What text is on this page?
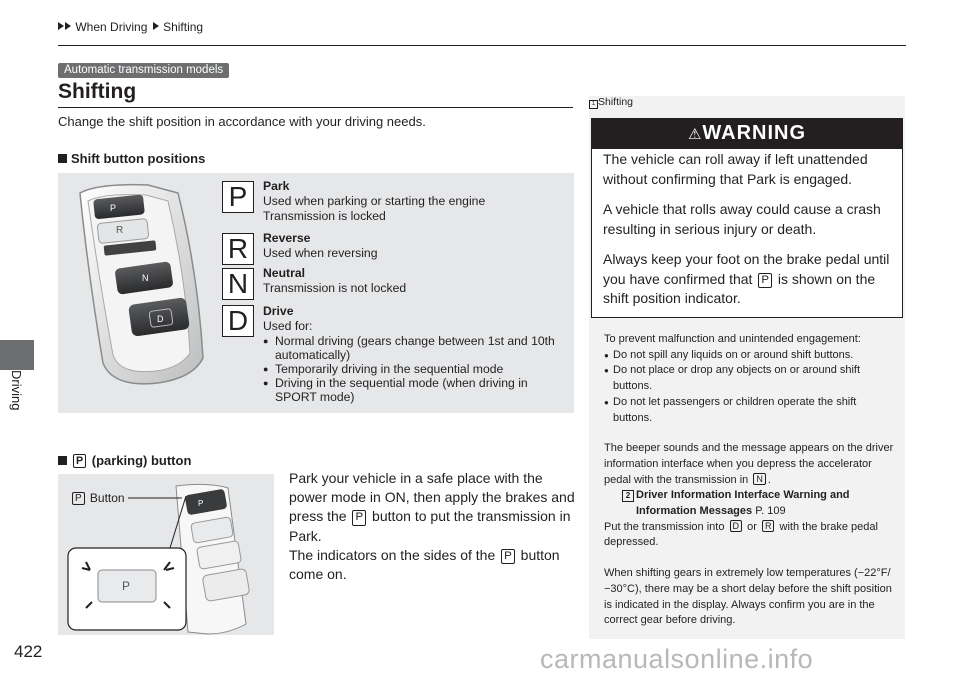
When Driving Shifting
Driving
422
Automatic transmission models
Shifting
Change the shift position in accordance with your driving needs.
Shift button positions
P
R
N
D
P
R
N
D
Park
Used when parking or starting the engine
Transmission is locked
Reverse
Used when reversing
Neutral
Transmission is not locked
Drive
Used for:
● Normal driving (gears change between 1st and 10th automatically)
● Temporarily driving in the sequential mode
● Driving in the sequential mode (when driving in SPORT mode)
P (parking) button
P
P
P Button
Park your vehicle in a safe place with the power mode in ON, then apply the brakes and press the P button to put the transmission in Park.
The indicators on the sides of the P button come on.
1 Shifting
⚠WARNING

The vehicle can roll away if left unattended without confirming that Park is engaged.

A vehicle that rolls away could cause a crash resulting in serious injury or death.

Always keep your foot on the brake pedal until you have confirmed that P is shown on the shift position indicator.

To prevent malfunction and unintended engagement:

● Do not spill any liquids on or around shift buttons.
● Do not place or drop any objects on or around shift buttons.
● Do not let passengers or children operate the shift buttons.

The beeper sounds and the message appears on the driver information interface when you depress the accelerator pedal with the transmission in N .

2 Driver Information Interface Warning and Information Messages P. 109

Put the transmission into D or R with the brake pedal depressed.

When shifting gears in extremely low temperatures (−22°F/−30°C), there may be a short delay before the shift position is indicated in the display. Always confirm you are in the correct gear before driving.

carmanualsonline.info
